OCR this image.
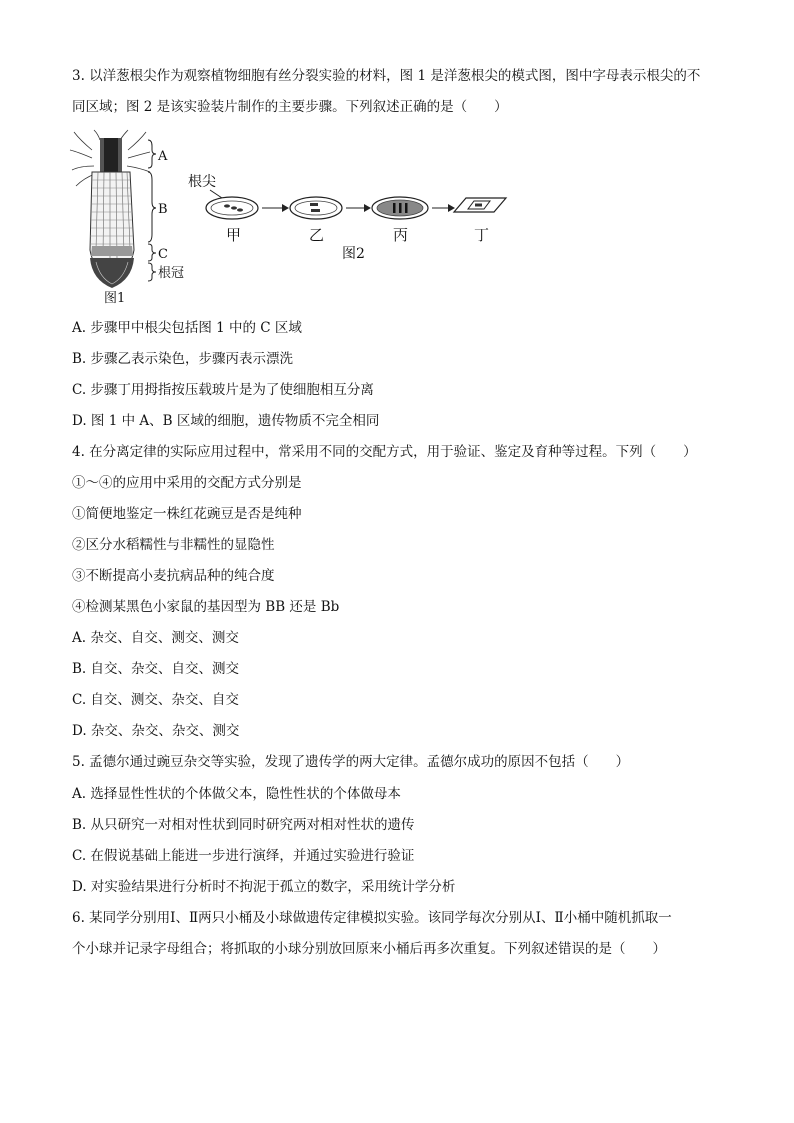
3. 以洋葱根尖作为观察植物细胞有丝分裂实验的材料，图 1 是洋葱根尖的模式图，图中字母表示根尖的不
同区域；图 2 是该实验装片制作的主要步骤。下列叙述正确的是（　　）
A
B
C
根冠
图1
根尖
甲	乙	丙	丁
图2
A. 步骤甲中根尖包括图 1 中的 C 区域
B. 步骤乙表示染色，步骤丙表示漂洗
C. 步骤丁用拇指按压载玻片是为了使细胞相互分离
D. 图 1 中 A、B 区域的细胞，遗传物质不完全相同
4. 在分离定律的实际应用过程中，常采用不同的交配方式，用于验证、鉴定及育种等过程。下列（　　）
①～④的应用中采用的交配方式分别是
①简便地鉴定一株红花豌豆是否是纯种
②区分水稻糯性与非糯性的显隐性
③不断提高小麦抗病品种的纯合度
④检测某黑色小家鼠的基因型为 BB 还是 Bb
A. 杂交、自交、测交、测交
B. 自交、杂交、自交、测交
C. 自交、测交、杂交、自交
D. 杂交、杂交、杂交、测交
5. 孟德尔通过豌豆杂交等实验，发现了遗传学的两大定律。孟德尔成功的原因不包括（　　）
A. 选择显性性状的个体做父本，隐性性状的个体做母本
B. 从只研究一对相对性状到同时研究两对相对性状的遗传
C. 在假说基础上能进一步进行演绎，并通过实验进行验证
D. 对实验结果进行分析时不拘泥于孤立的数字，采用统计学分析
6. 某同学分别用Ⅰ、Ⅱ两只小桶及小球做遗传定律模拟实验。该同学每次分别从Ⅰ、Ⅱ小桶中随机抓取一
个小球并记录字母组合；将抓取的小球分别放回原来小桶后再多次重复。下列叙述错误的是（　　）
